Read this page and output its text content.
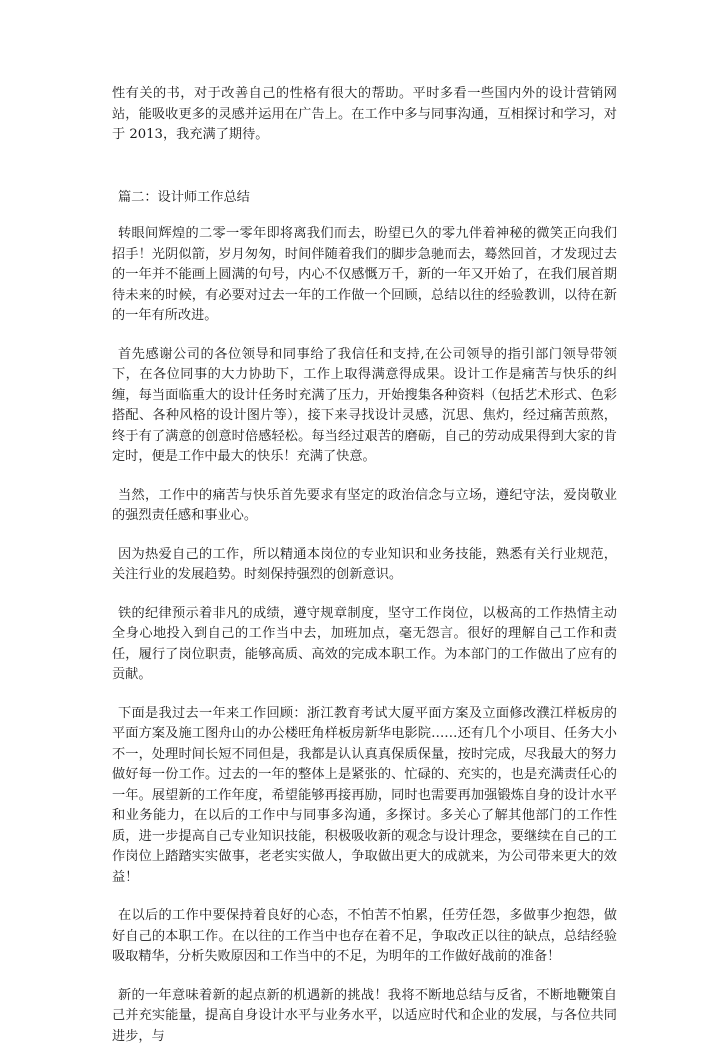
性有关的书，对于改善自己的性格有很大的帮助。平时多看一些国内外的设计营销网站，能吸收更多的灵感并运用在广告上。在工作中多与同事沟通，互相探讨和学习，对于 2013，我充满了期待。

篇二：设计师工作总结

转眼间辉煌的二零一零年即将离我们而去，盼望已久的零九伴着神秘的微笑正向我们招手！光阴似箭，岁月匆匆，时间伴随着我们的脚步急驰而去，蓦然回首，才发现过去的一年并不能画上圆满的句号，内心不仅感慨万千，新的一年又开始了，在我们展首期待未来的时候，有必要对过去一年的工作做一个回顾，总结以往的经验教训，以待在新的一年有所改进。

首先感谢公司的各位领导和同事给了我信任和支持,在公司领导的指引部门领导带领下，在各位同事的大力协助下，工作上取得满意得成果。设计工作是痛苦与快乐的纠缠，每当面临重大的设计任务时充满了压力，开始搜集各种资料（包括艺术形式、色彩搭配、各种风格的设计图片等），接下来寻找设计灵感，沉思、焦灼，经过痛苦煎熬，终于有了满意的创意时倍感轻松。每当经过艰苦的磨砺，自己的劳动成果得到大家的肯定时，便是工作中最大的快乐！充满了快意。

当然，工作中的痛苦与快乐首先要求有坚定的政治信念与立场，遵纪守法，爱岗敬业的强烈责任感和事业心。

因为热爱自己的工作，所以精通本岗位的专业知识和业务技能，熟悉有关行业规范，关注行业的发展趋势。时刻保持强烈的创新意识。

铁的纪律预示着非凡的成绩，遵守规章制度，坚守工作岗位，以极高的工作热情主动全身心地投入到自己的工作当中去，加班加点，毫无怨言。很好的理解自己工作和责任，履行了岗位职责，能够高质、高效的完成本职工作。为本部门的工作做出了应有的贡献。

下面是我过去一年来工作回顾：浙江教育考试大厦平面方案及立面修改濮江样板房的平面方案及施工图舟山的办公楼旺角样板房新华电影院……还有几个小项目、任务大小不一，处理时间长短不同但是，我都是认认真真保质保量，按时完成，尽我最大的努力做好每一份工作。过去的一年的整体上是紧张的、忙碌的、充实的，也是充满责任心的一年。展望新的工作年度，希望能够再接再励，同时也需要再加强锻炼自身的设计水平和业务能力，在以后的工作中与同事多沟通，多探讨。多关心了解其他部门的工作性质，进一步提高自己专业知识技能，积极吸收新的观念与设计理念，要继续在自己的工作岗位上踏踏实实做事，老老实实做人，争取做出更大的成就来，为公司带来更大的效益！

在以后的工作中要保持着良好的心态，不怕苦不怕累，任劳任怨，多做事少抱怨，做好自己的本职工作。在以往的工作当中也存在着不足，争取改正以往的缺点，总结经验吸取精华，分析失败原因和工作当中的不足，为明年的工作做好战前的准备！

新的一年意味着新的起点新的机遇新的挑战！我将不断地总结与反省，不断地鞭策自己并充实能量，提高自身设计水平与业务水平，以适应时代和企业的发展，与各位共同进步，与
